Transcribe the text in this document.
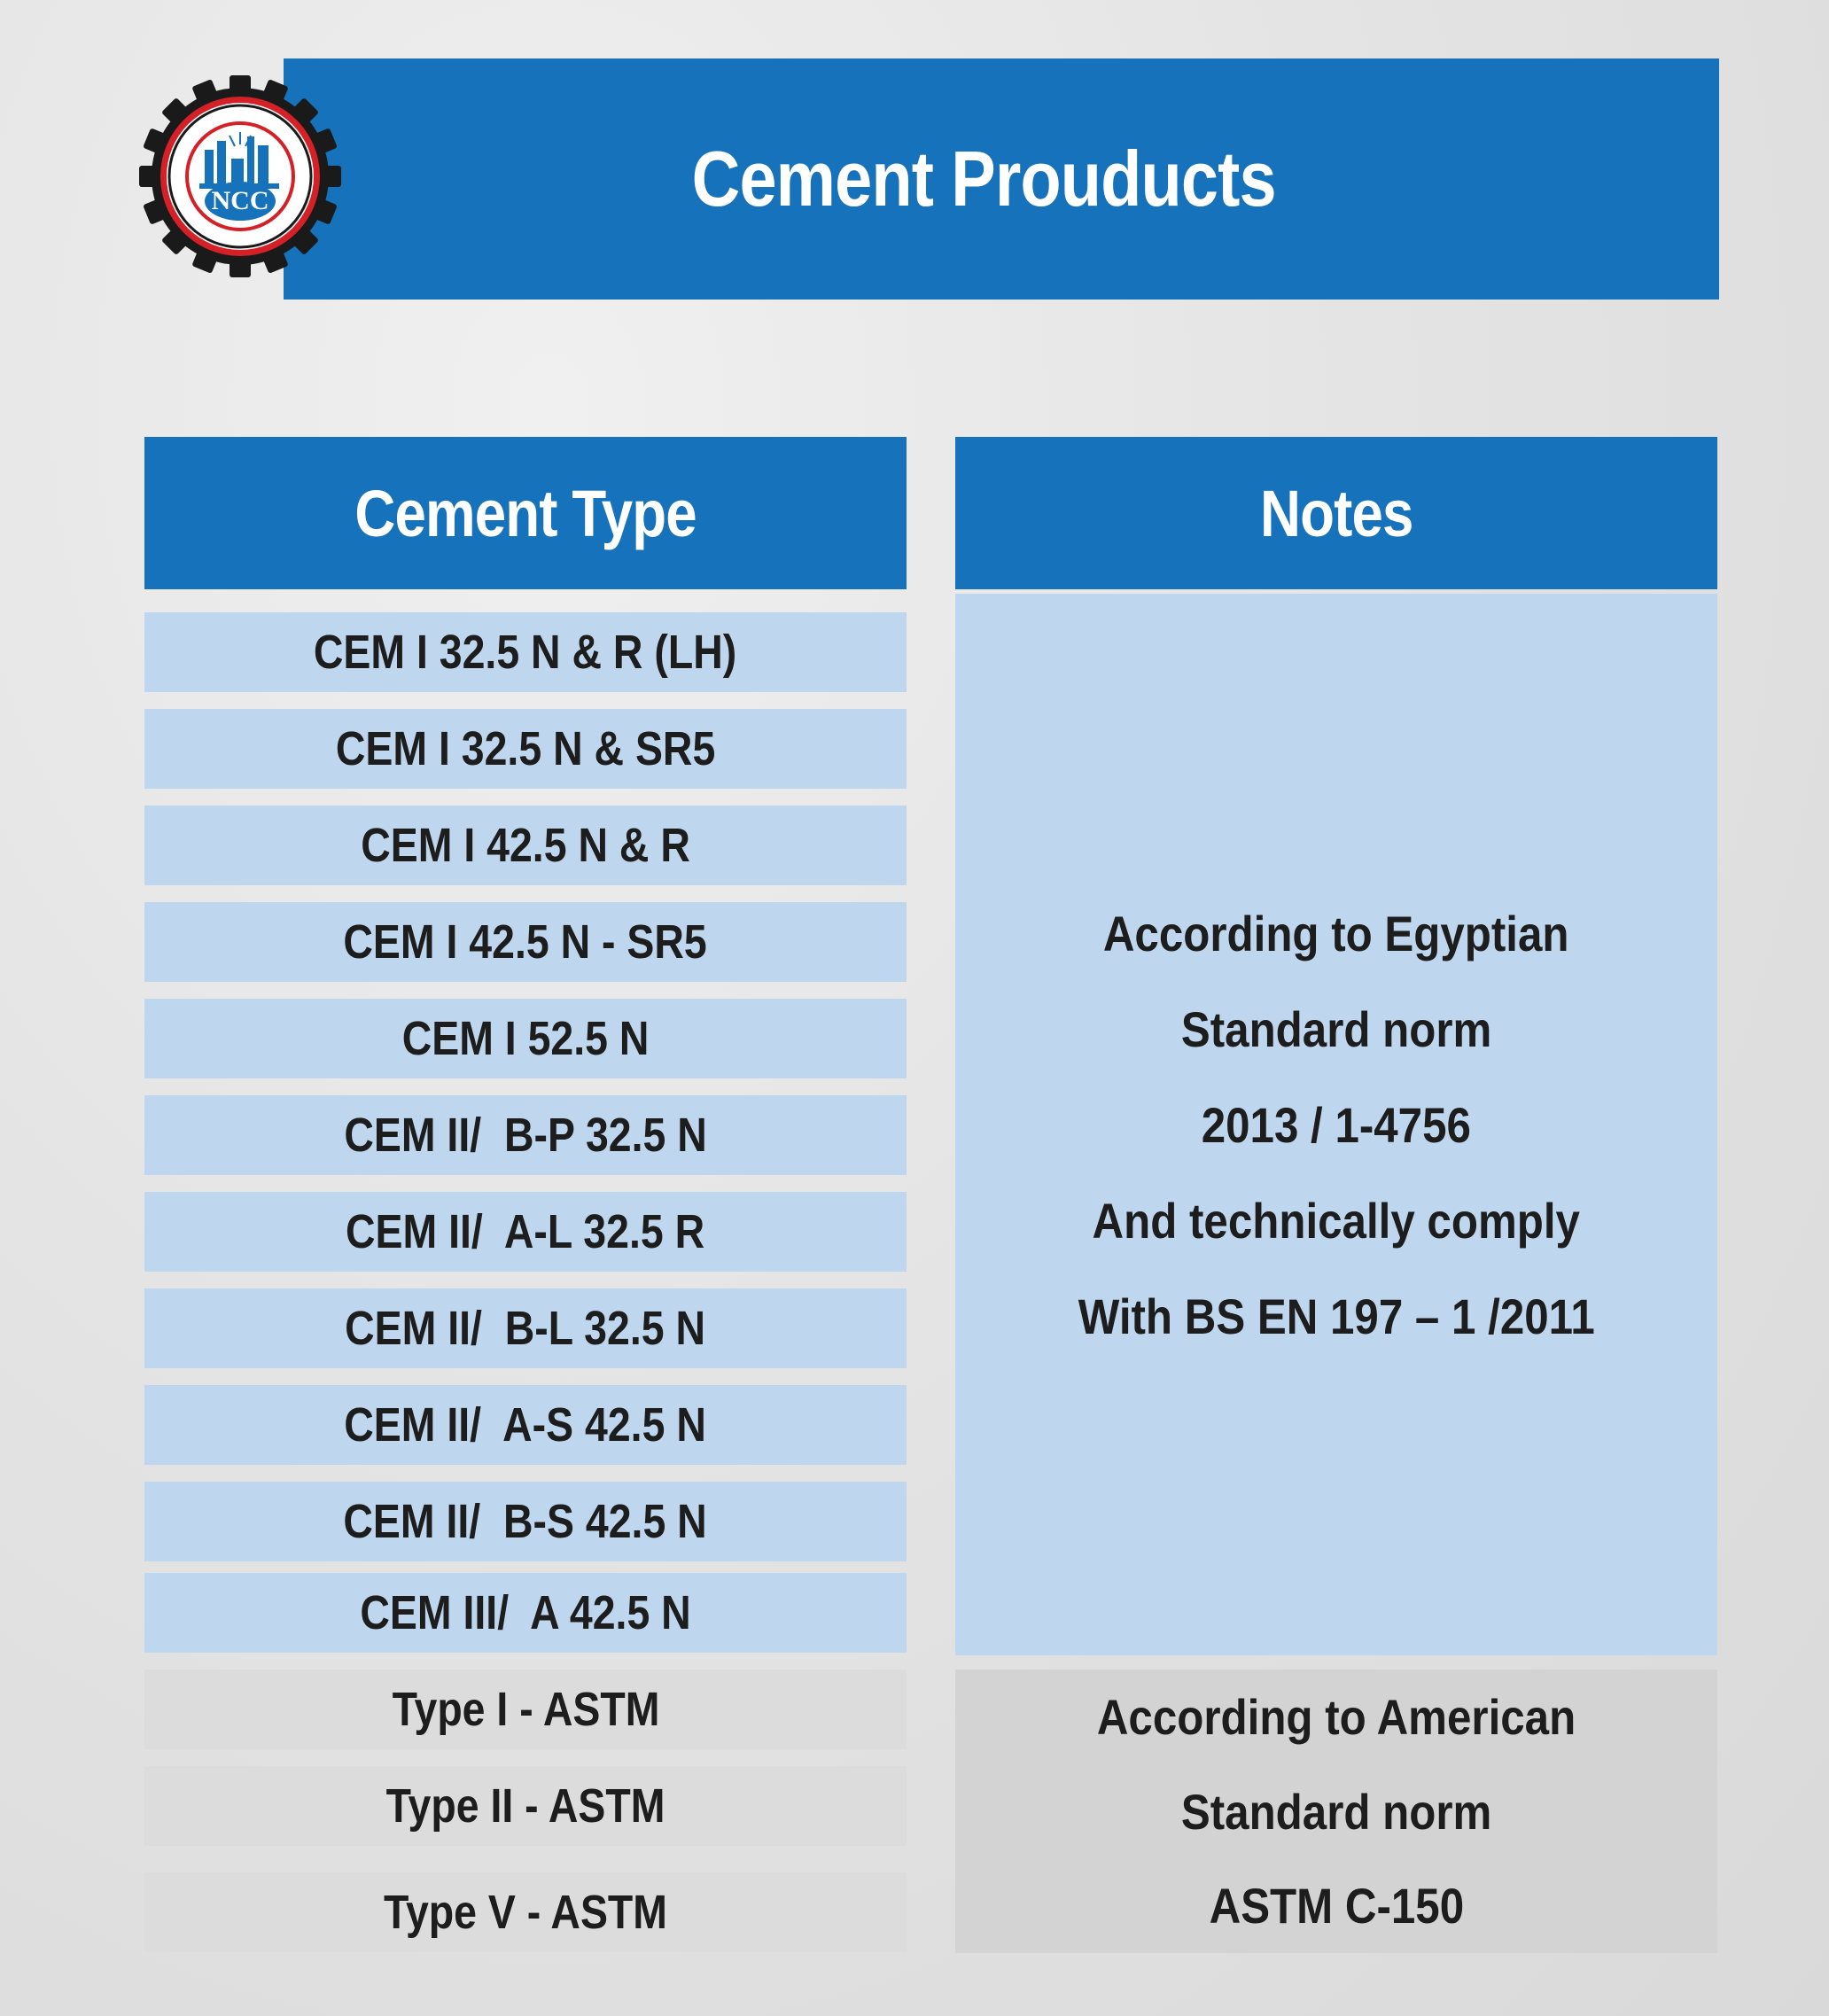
Cement Prouducts
NCC
Cement Type	Notes
CEM I 32.5 N & R (LH)
CEM I 32.5 N & SR5
CEM I 42.5 N & R
CEM I 42.5 N - SR5
CEM I 52.5 N
CEM II/  B-P 32.5 N
CEM II/  A-L 32.5 R
CEM II/  B-L 32.5 N
CEM II/  A-S 42.5 N
CEM II/  B-S 42.5 N
CEM III/  A 42.5 N
Type I - ASTM
Type II - ASTM
Type V - ASTM
According to Egyptian
Standard norm
2013 / 1-4756
And technically comply
With BS EN 197 – 1 /2011
According to American
Standard norm
ASTM C-150
